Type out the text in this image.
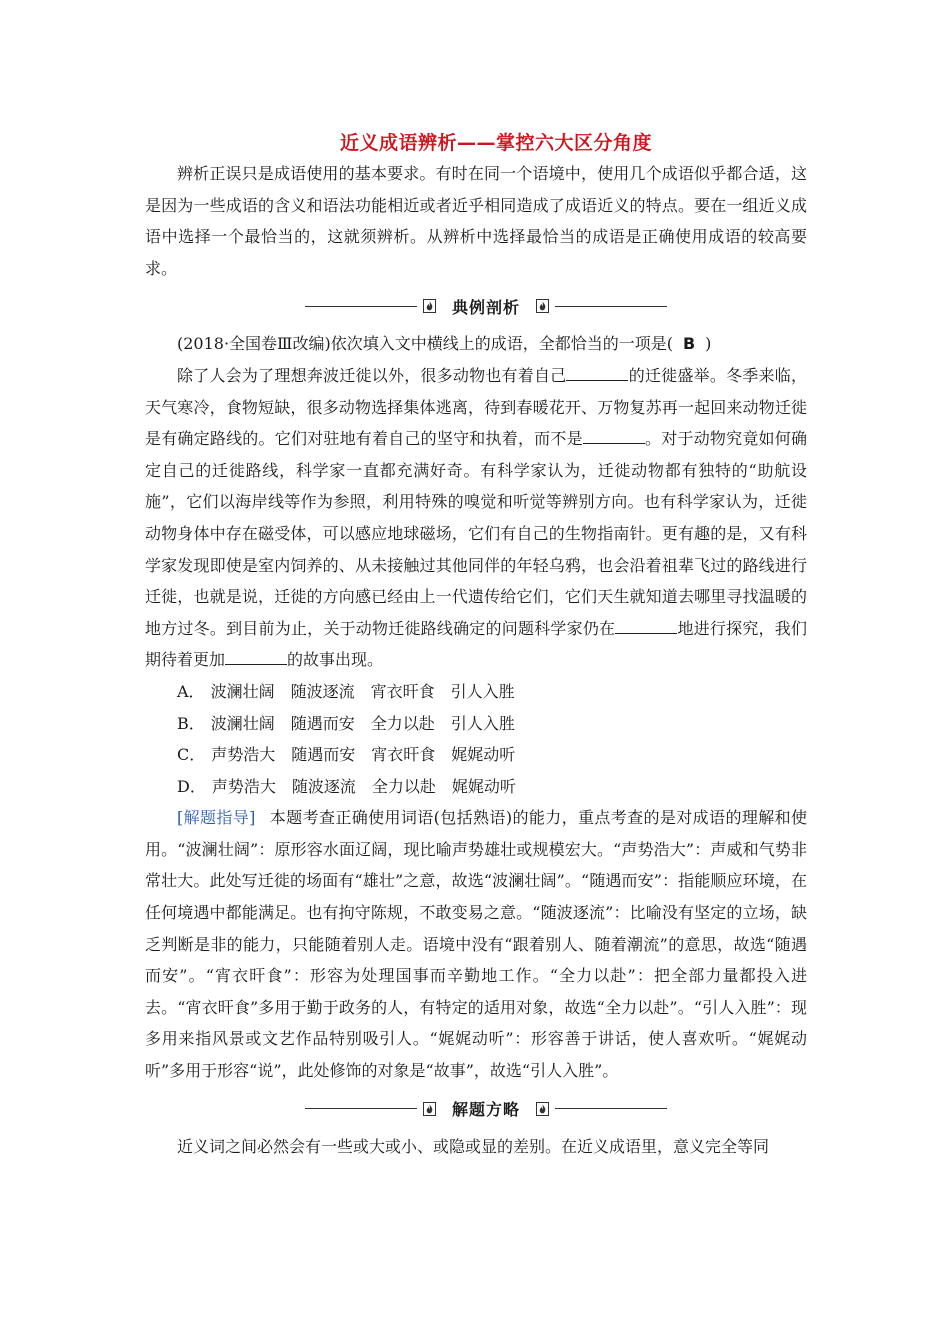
近义成语辨析——掌控六大区分角度

辨析正误只是成语使用的基本要求。有时在同一个语境中，使用几个成语似乎都合适，这是因为一些成语的含义和语法功能相近或者近乎相同造成了成语近义的特点。要在一组近义成语中选择一个最恰当的，这就须辨析。从辨析中选择最恰当的成语是正确使用成语的较高要求。

典例剖析

(2018·全国卷Ⅲ改编)依次填入文中横线上的成语，全都恰当的一项是( B )

除了人会为了理想奔波迁徙以外，很多动物也有着自己	的迁徙盛举。冬季来临，天气寒冷，食物短缺，很多动物选择集体逃离，待到春暖花开、万物复苏再一起回来动物迁徙是有确定路线的。它们对驻地有着自己的坚守和执着，而不是	。对于动物究竟如何确定自己的迁徙路线，科学家一直都充满好奇。有科学家认为，迁徙动物都有独特的“助航设施”，它们以海岸线等作为参照，利用特殊的嗅觉和听觉等辨别方向。也有科学家认为，迁徙动物身体中存在磁受体，可以感应地球磁场，它们有自己的生物指南针。更有趣的是，又有科学家发现即使是室内饲养的、从未接触过其他同伴的年轻乌鸦，也会沿着祖辈飞过的路线进行迁徙，也就是说，迁徙的方向感已经由上一代遗传给它们，它们天生就知道去哪里寻找温暖的地方过冬。到目前为止，关于动物迁徙路线确定的问题科学家仍在	地进行探究，我们期待着更加	的故事出现。

A． 波澜壮阔 随波逐流 宵衣旰食 引人入胜

B． 波澜壮阔 随遇而安 全力以赴 引人入胜

C． 声势浩大 随遇而安 宵衣旰食 娓娓动听

D． 声势浩大 随波逐流 全力以赴 娓娓动听

[解题指导] 本题考查正确使用词语(包括熟语)的能力，重点考查的是对成语的理解和使用。“波澜壮阔”：原形容水面辽阔，现比喻声势雄壮或规模宏大。“声势浩大”：声威和气势非常壮大。此处写迁徙的场面有“雄壮”之意，故选“波澜壮阔”。“随遇而安”：指能顺应环境，在任何境遇中都能满足。也有拘守陈规，不敢变易之意。“随波逐流”：比喻没有坚定的立场，缺乏判断是非的能力，只能随着别人走。语境中没有“跟着别人、随着潮流”的意思，故选“随遇而安”。“宵衣旰食”：形容为处理国事而辛勤地工作。“全力以赴”：把全部力量都投入进去。“宵衣旰食”多用于勤于政务的人，有特定的适用对象，故选“全力以赴”。“引人入胜”：现多用来指风景或文艺作品特别吸引人。“娓娓动听”：形容善于讲话，使人喜欢听。“娓娓动听”多用于形容“说”，此处修饰的对象是“故事”，故选“引人入胜”。

解题方略

近义词之间必然会有一些或大或小、或隐或显的差别。在近义成语里，意义完全等同
